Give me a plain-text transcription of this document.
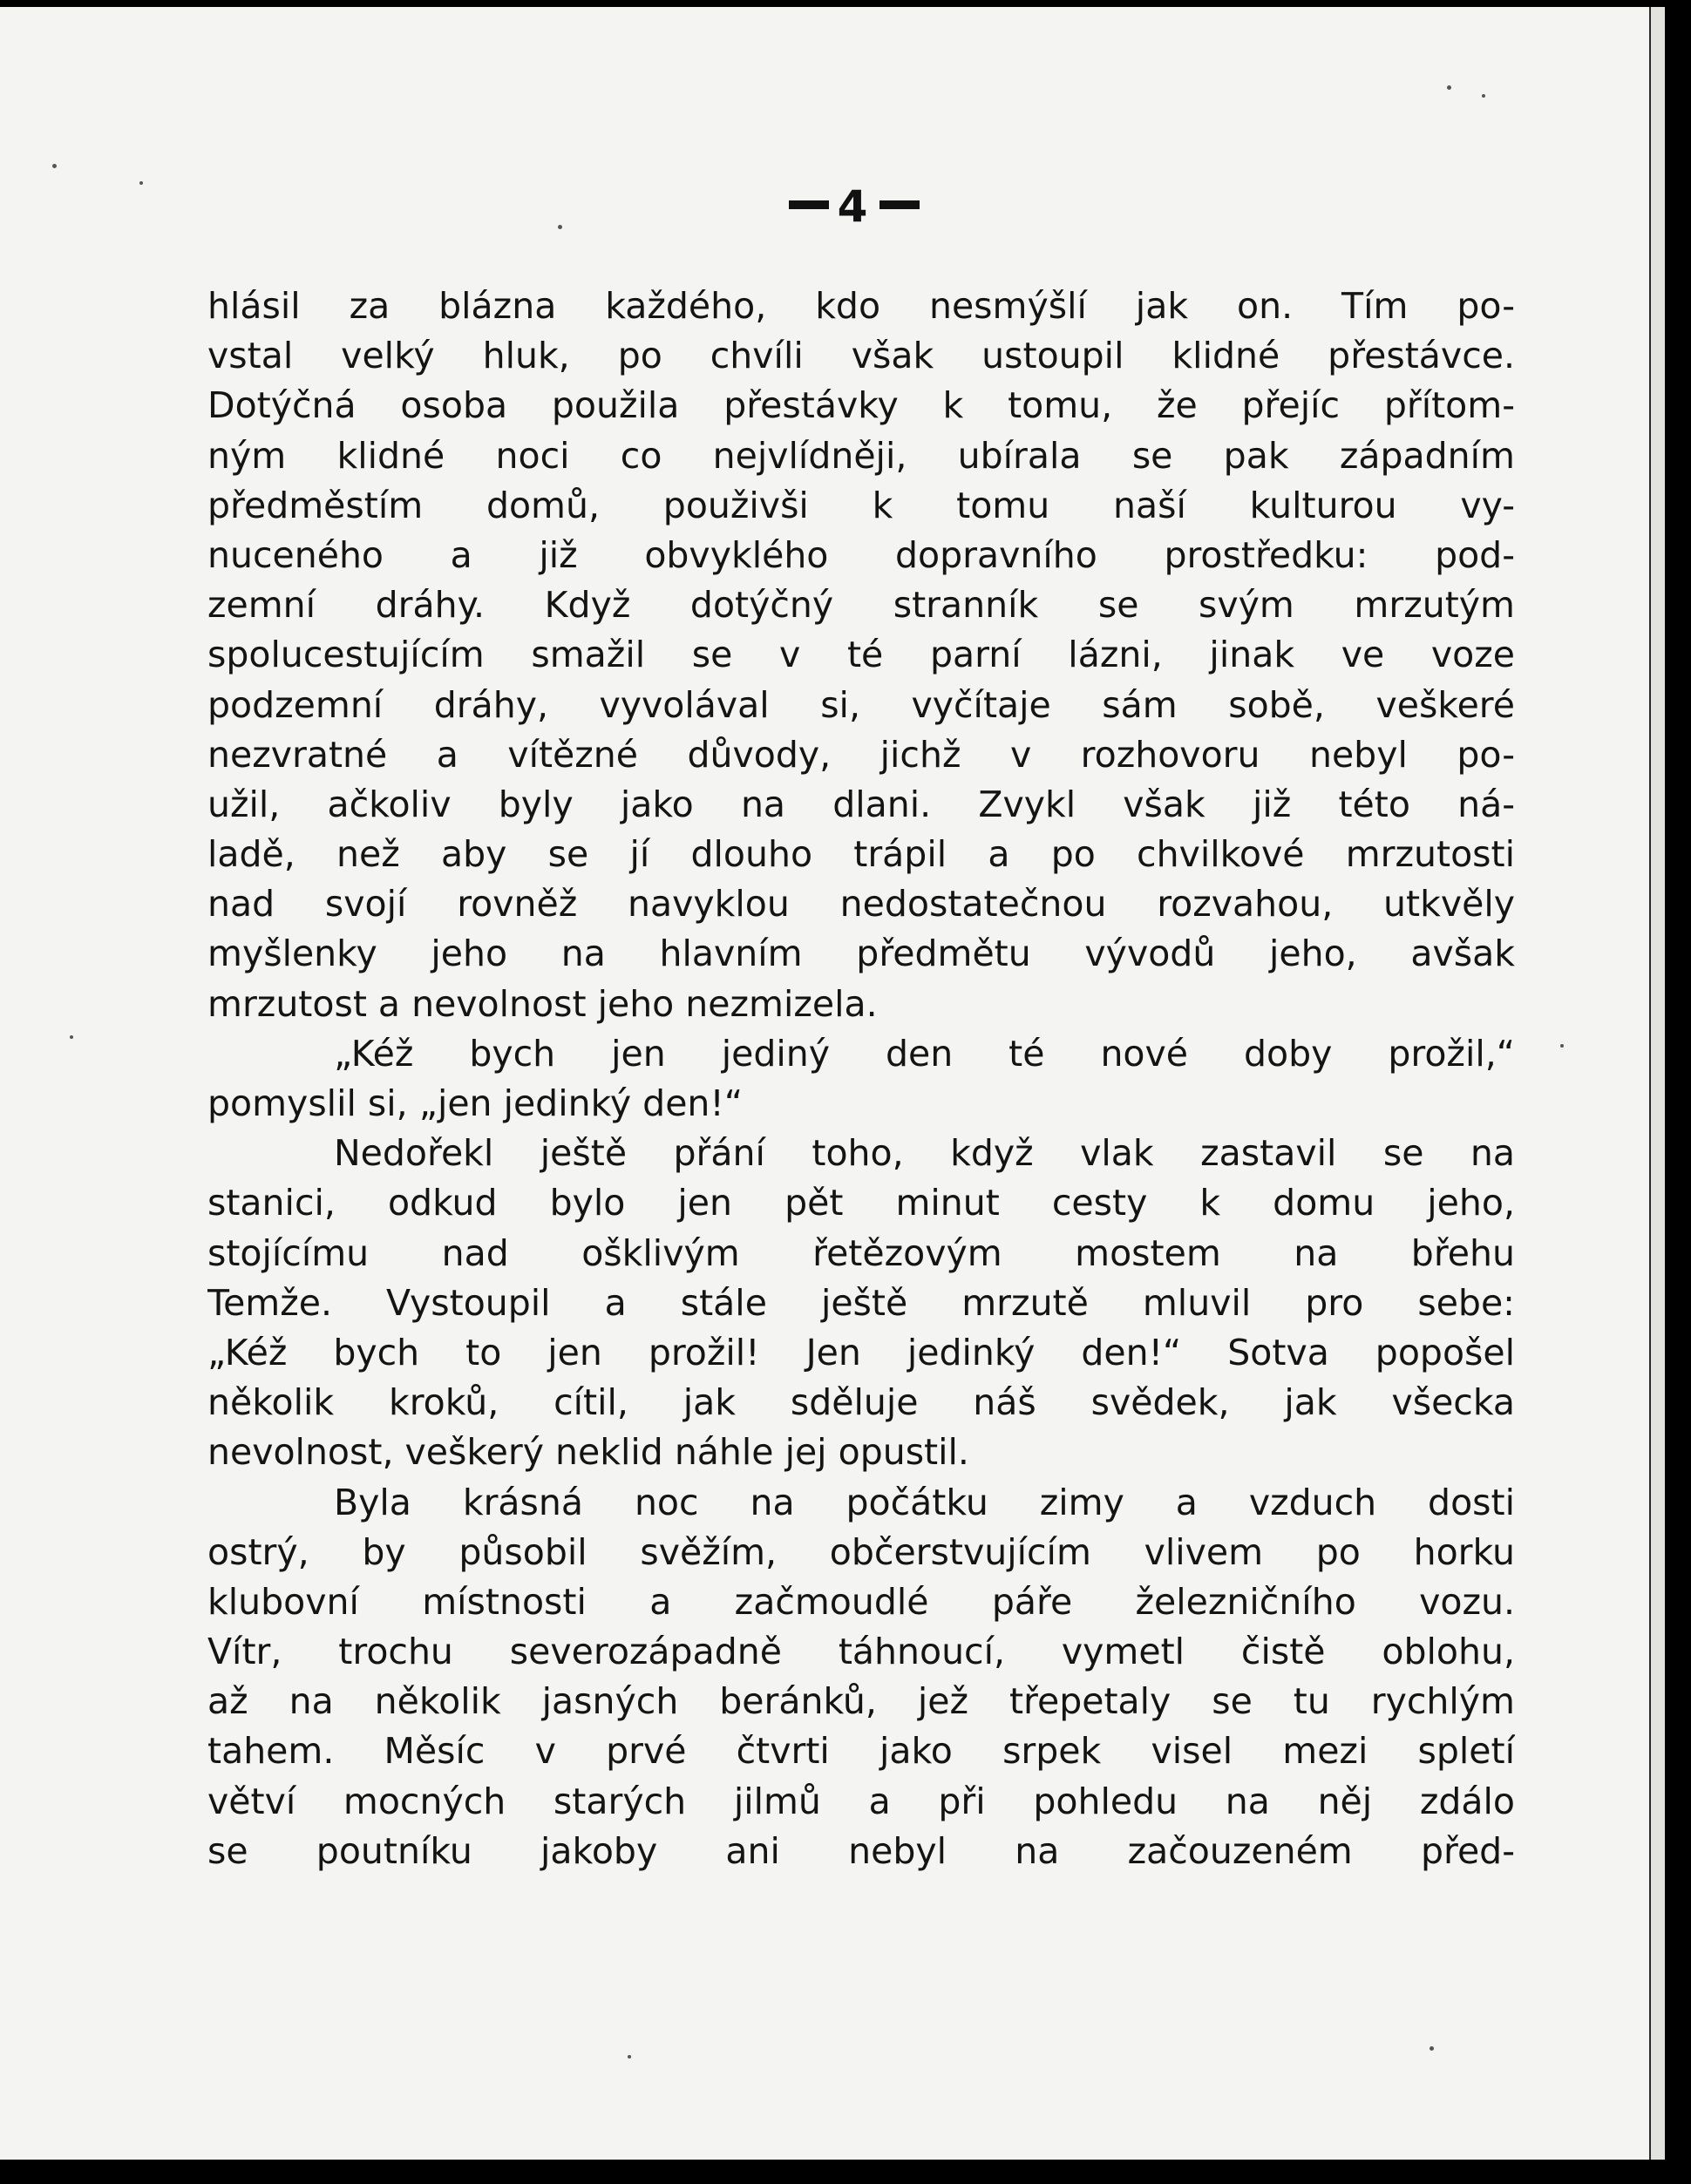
4
hlásil za blázna každého, kdo nesmýšlí jak on. Tím po-
vstal velký hluk, po chvíli však ustoupil klidné přestávce.
Dotýčná osoba použila přestávky k tomu, že přejíc přítom-
ným klidné noci co nejvlídněji, ubírala se pak západním
předměstím domů, použivši k tomu naší kulturou vy-
nuceného a již obvyklého dopravního prostředku: pod-
zemní dráhy. Když dotýčný stranník se svým mrzutým
spolucestujícím smažil se v té parní lázni, jinak ve voze
podzemní dráhy, vyvolával si, vyčítaje sám sobě, veškeré
nezvratné a vítězné důvody, jichž v rozhovoru nebyl po-
užil, ačkoliv byly jako na dlani. Zvykl však již této ná-
ladě, než aby se jí dlouho trápil a po chvilkové mrzutosti
nad svojí rovněž navyklou nedostatečnou rozvahou, utkvěly
myšlenky jeho na hlavním předmětu vývodů jeho, avšak
mrzutost a nevolnost jeho nezmizela.
„Kéž bych jen jediný den té nové doby prožil,“
pomyslil si, „jen jedinký den!“
Nedořekl ještě přání toho, když vlak zastavil se na
stanici, odkud bylo jen pět minut cesty k domu jeho,
stojícímu nad ošklivým řetězovým mostem na břehu
Temže. Vystoupil a stále ještě mrzutě mluvil pro sebe:
„Kéž bych to jen prožil! Jen jedinký den!“ Sotva popošel
několik kroků, cítil, jak sděluje náš svědek, jak všecka
nevolnost, veškerý neklid náhle jej opustil.
Byla krásná noc na počátku zimy a vzduch dosti
ostrý, by působil svěžím, občerstvujícím vlivem po horku
klubovní místnosti a začmoudlé páře železničního vozu.
Vítr, trochu severozápadně táhnoucí, vymetl čistě oblohu,
až na několik jasných beránků, jež třepetaly se tu rychlým
tahem. Měsíc v prvé čtvrti jako srpek visel mezi spletí
větví mocných starých jilmů a při pohledu na něj zdálo
se poutníku jakoby ani nebyl na začouzeném před-
